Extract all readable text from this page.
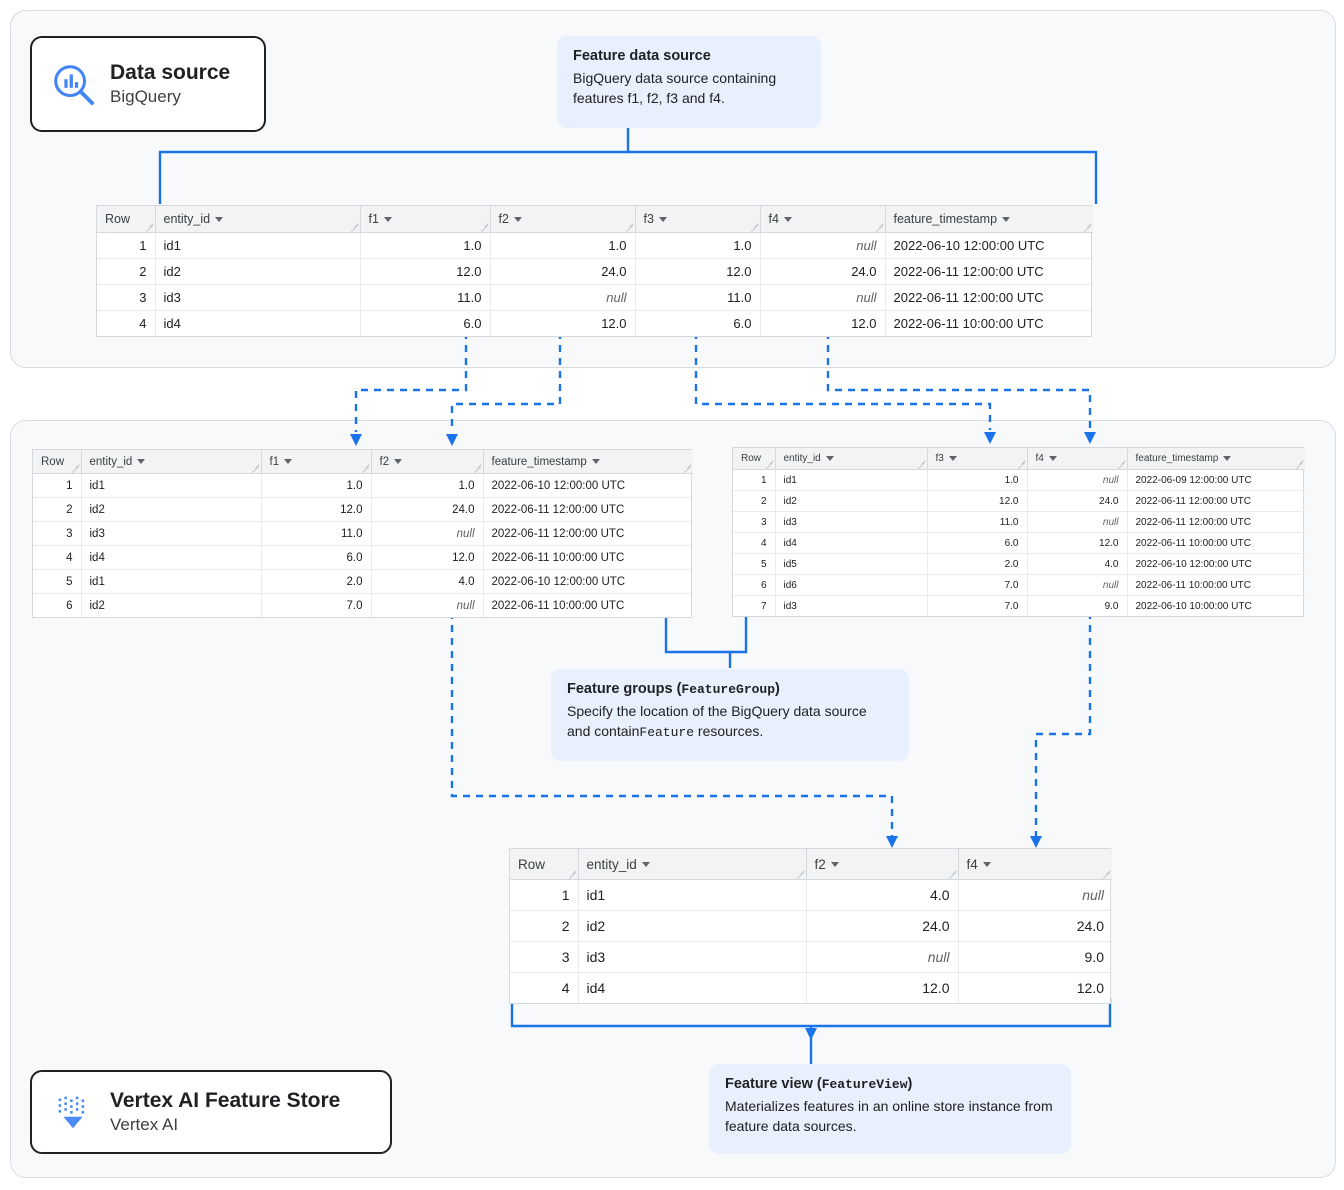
Data source
BigQuery
Vertex AI Feature Store
Vertex AI
Feature data source
BigQuery data source containing features f1, f2, f3 and f4.
Feature groups (FeatureGroup)
Specify the location of the BigQuery data source and containFeature resources.
Feature view (FeatureView)
Materializes features in an online store instance from feature data sources.
Row	entity_id	f1	f2	f3	f4	feature_timestamp

1	id1	1.0	1.0	1.0	null	2022-06-10 12:00:00 UTC
2	id2	12.0	24.0	12.0	24.0	2022-06-11 12:00:00 UTC
3	id3	11.0	null	11.0	null	2022-06-11 12:00:00 UTC
4	id4	6.0	12.0	6.0	12.0	2022-06-11 10:00:00 UTC
Row	entity_id	f1	f2	feature_timestamp

1	id1	1.0	1.0	2022-06-10 12:00:00 UTC
2	id2	12.0	24.0	2022-06-11 12:00:00 UTC
3	id3	11.0	null	2022-06-11 12:00:00 UTC
4	id4	6.0	12.0	2022-06-11 10:00:00 UTC
5	id1	2.0	4.0	2022-06-10 12:00:00 UTC
6	id2	7.0	null	2022-06-11 10:00:00 UTC
Row	entity_id	f3	f4	feature_timestamp

1	id1	1.0	null	2022-06-09 12:00:00 UTC
2	id2	12.0	24.0	2022-06-11 12:00:00 UTC
3	id3	11.0	null	2022-06-11 12:00:00 UTC
4	id4	6.0	12.0	2022-06-11 10:00:00 UTC
5	id5	2.0	4.0	2022-06-10 12:00:00 UTC
6	id6	7.0	null	2022-06-11 10:00:00 UTC
7	id3	7.0	9.0	2022-06-10 10:00:00 UTC
Row	entity_id	f2	f4

1	id1	4.0	null
2	id2	24.0	24.0
3	id3	null	9.0
4	id4	12.0	12.0
